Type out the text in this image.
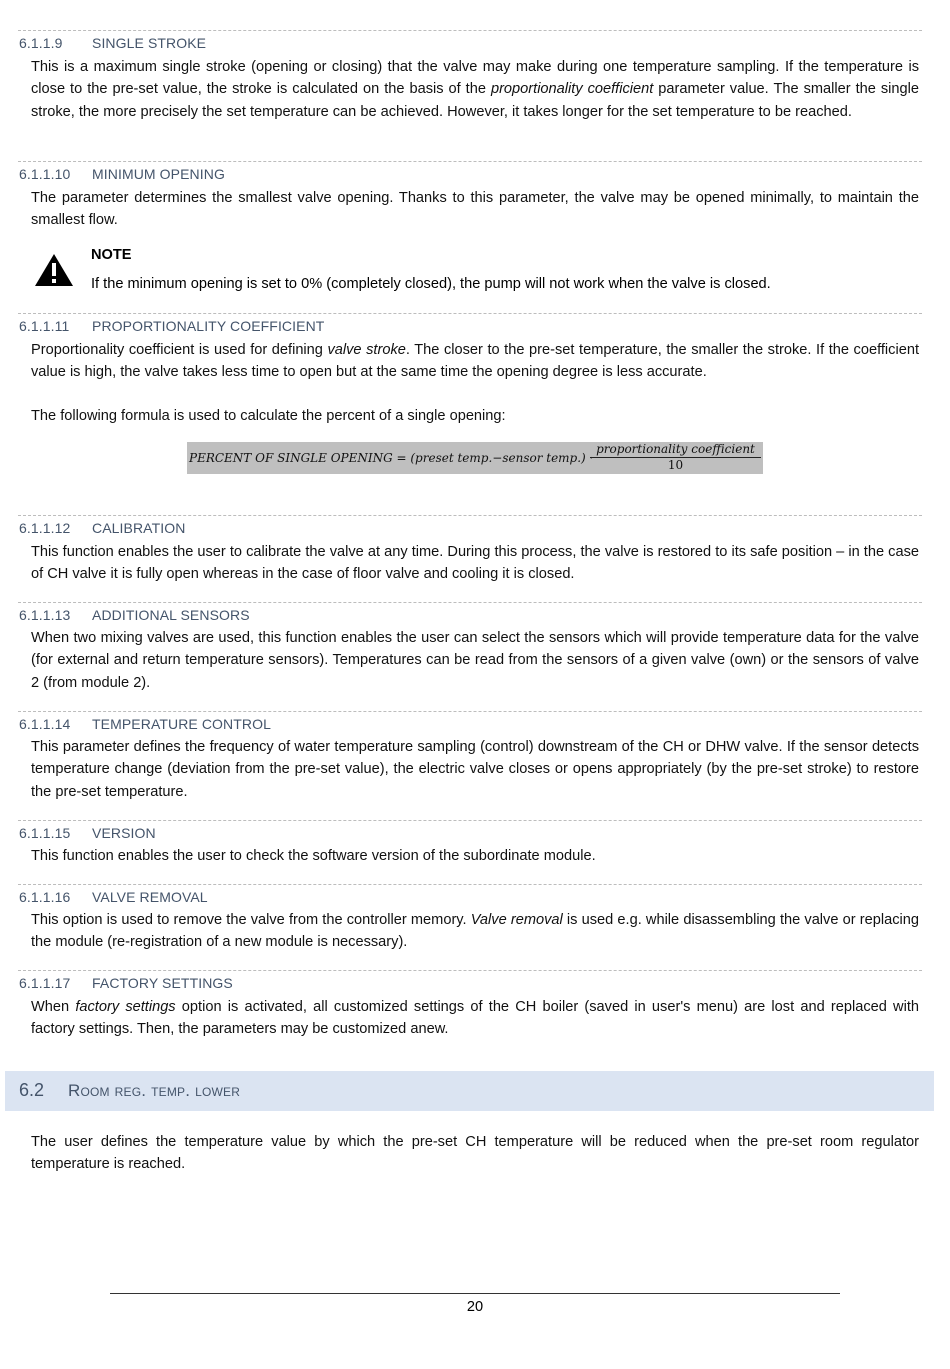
6.1.1.9 SINGLE STROKE
This is a maximum single stroke (opening or closing) that the valve may make during one temperature sampling. If the temperature is close to the pre-set value, the stroke is calculated on the basis of the proportionality coefficient parameter value. The smaller the single stroke, the more precisely the set temperature can be achieved. However, it takes longer for the set temperature to be reached.
6.1.1.10 MINIMUM OPENING
The parameter determines the smallest valve opening. Thanks to this parameter, the valve may be opened minimally, to maintain the smallest flow.
NOTE
If the minimum opening is set to 0% (completely closed), the pump will not work when the valve is closed.
6.1.1.11 PROPORTIONALITY COEFFICIENT
Proportionality coefficient is used for defining valve stroke. The closer to the pre-set temperature, the smaller the stroke. If the coefficient value is high, the valve takes less time to open but at the same time the opening degree is less accurate.
The following formula is used to calculate the percent of a single opening:
PERCENT OF SINGLE OPENING = (preset temp.−sensor temp.) ·
proportionality coefficient
10
6.1.1.12 CALIBRATION
This function enables the user to calibrate the valve at any time. During this process, the valve is restored to its safe position – in the case of CH valve it is fully open whereas in the case of floor valve and cooling it is closed.
6.1.1.13 ADDITIONAL SENSORS
When two mixing valves are used, this function enables the user can select the sensors which will provide temperature data for the valve (for external and return temperature sensors). Temperatures can be read from the sensors of a given valve (own) or the sensors of valve 2 (from module 2).
6.1.1.14 TEMPERATURE CONTROL
This parameter defines the frequency of water temperature sampling (control) downstream of the CH or DHW valve. If the sensor detects temperature change (deviation from the pre-set value), the electric valve closes or opens appropriately (by the pre-set stroke) to restore the pre-set temperature.
6.1.1.15 VERSION
This function enables the user to check the software version of the subordinate module.
6.1.1.16 VALVE REMOVAL
This option is used to remove the valve from the controller memory. Valve removal is used e.g. while disassembling the valve or replacing the module (re-registration of a new module is necessary).
6.1.1.17 FACTORY SETTINGS
When factory settings option is activated, all customized settings of the CH boiler (saved in user's menu) are lost and replaced with factory settings. Then, the parameters may be customized anew.
6.2 Room reg. temp. lower
The user defines the temperature value by which the pre-set CH temperature will be reduced when the pre-set room regulator temperature is reached.
20
